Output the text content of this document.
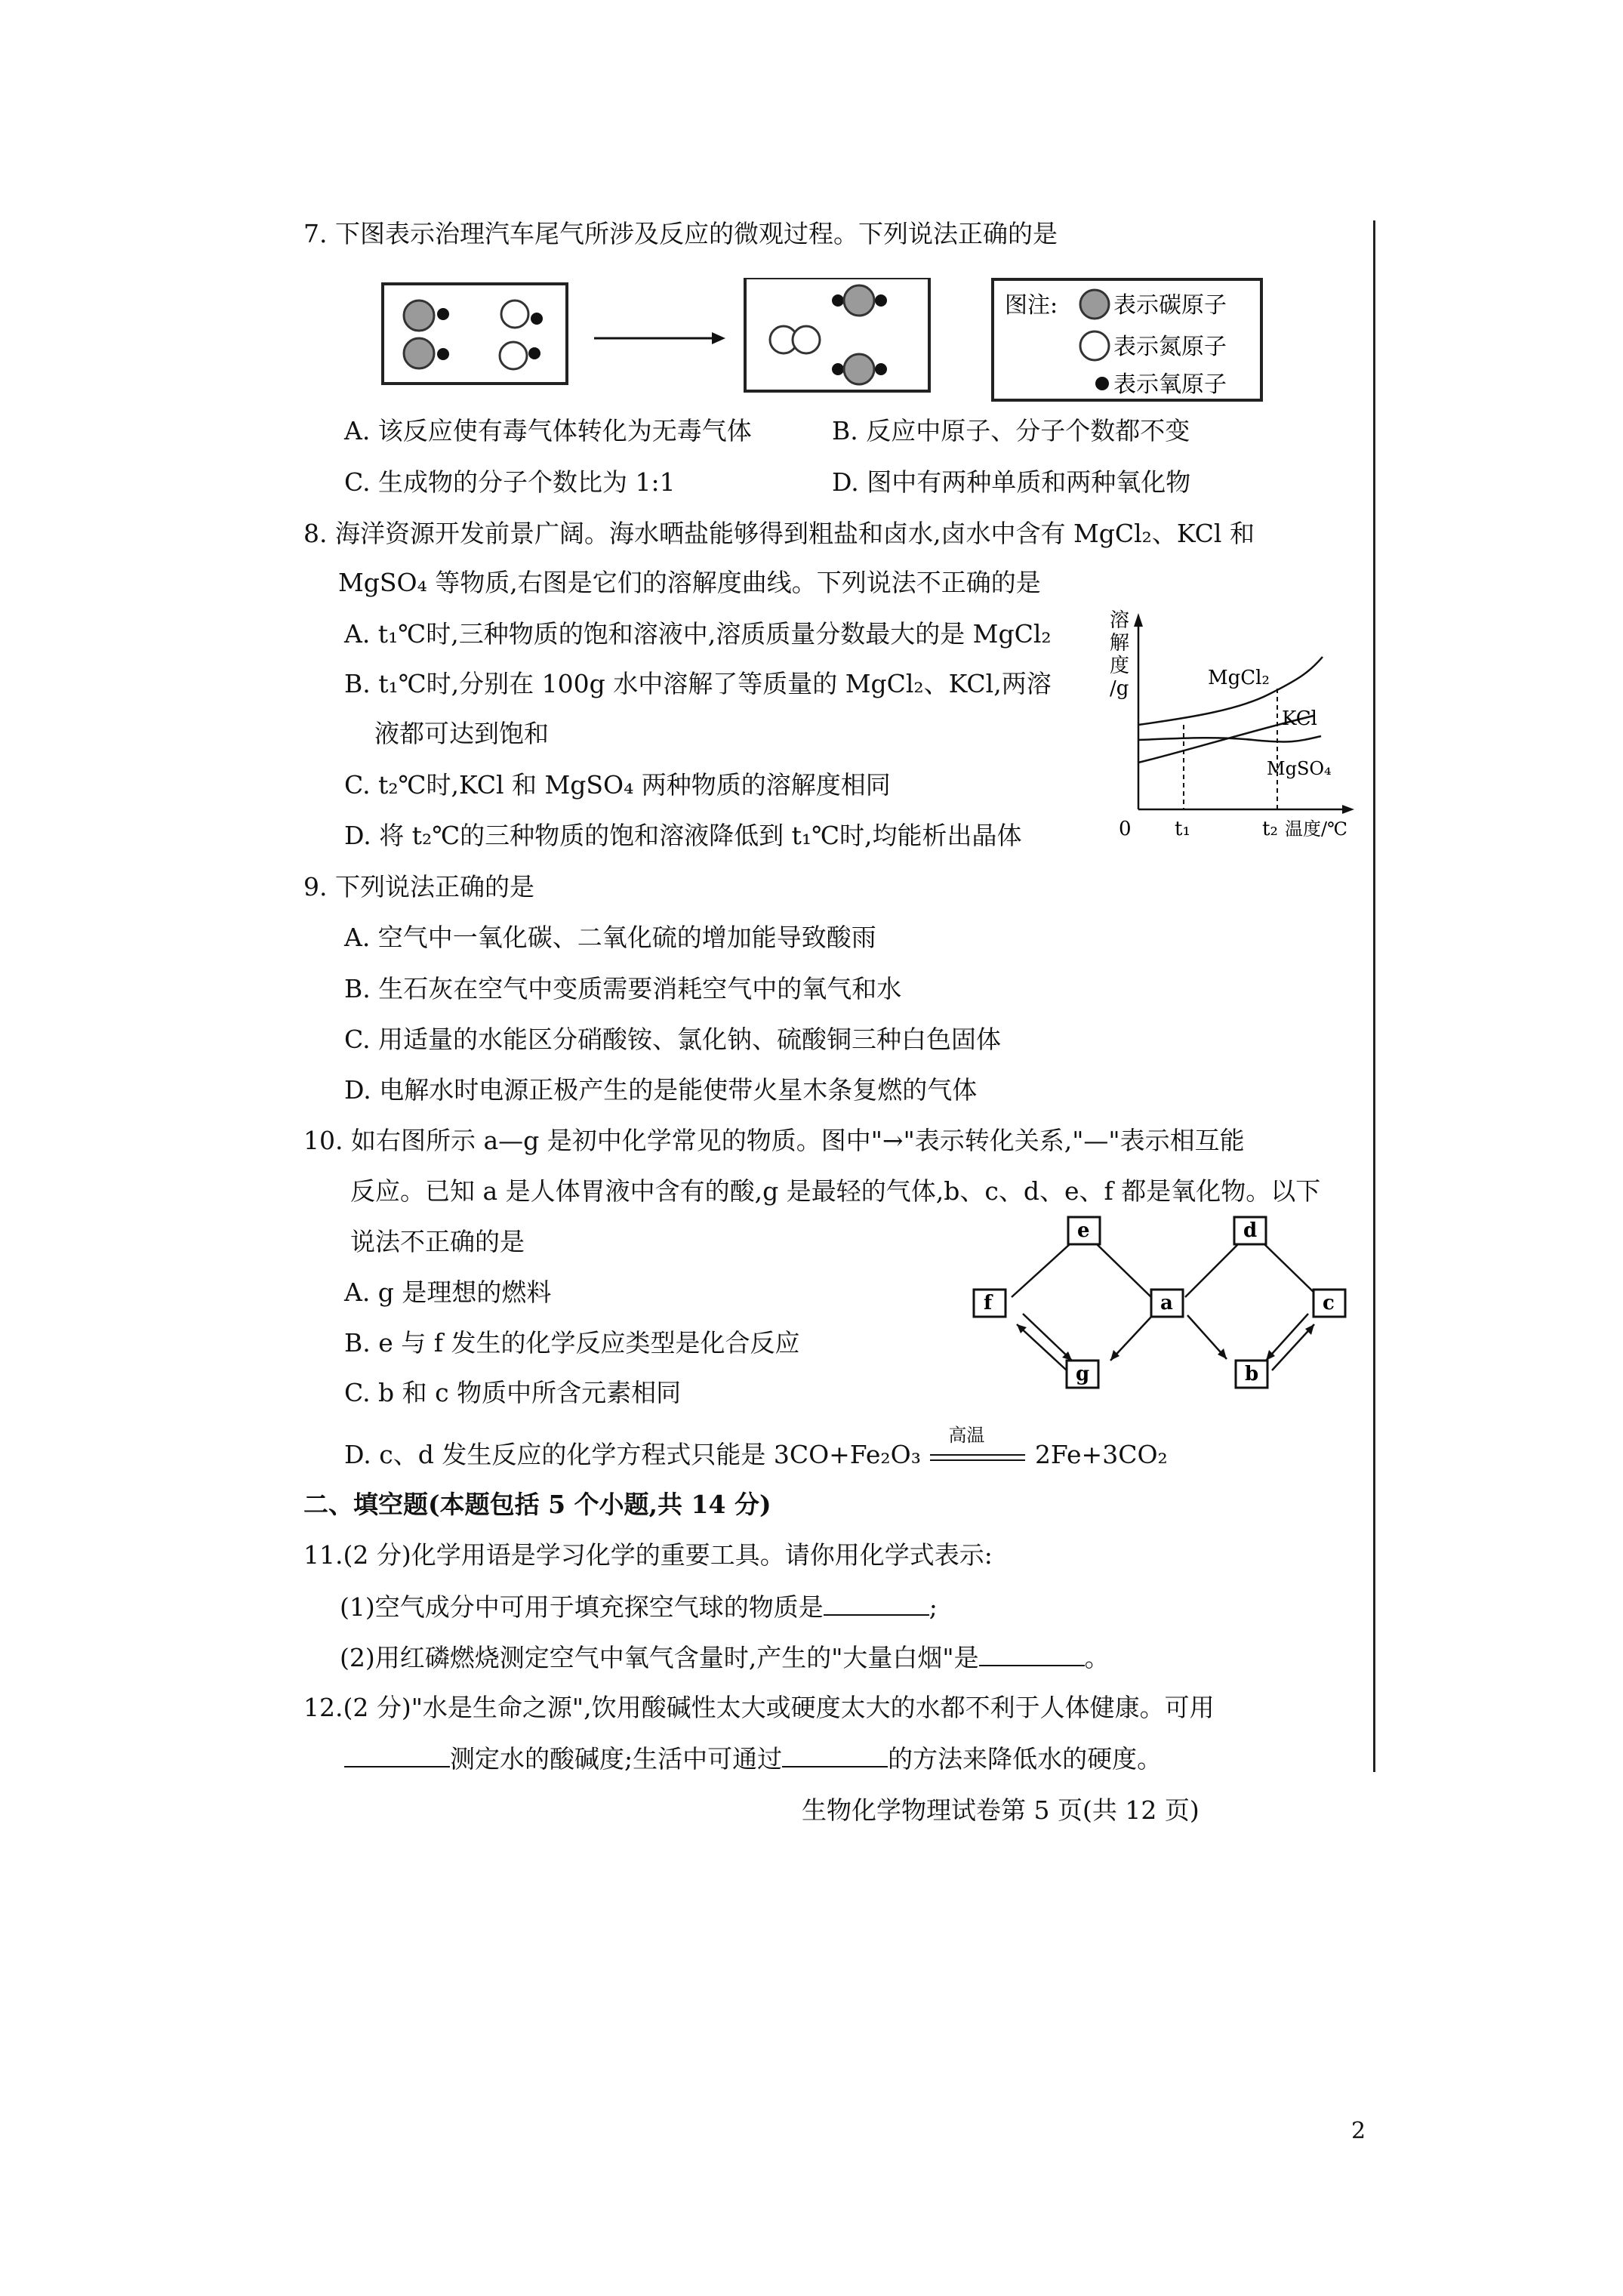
7. 下图表示治理汽车尾气所涉及反应的微观过程。下列说法正确的是
图注: 表示碳原子
表示氮原子
表示氧原子
A. 该反应使有毒气体转化为无毒气体	B. 反应中原子、分子个数都不变
C. 生成物的分子个数比为 1:1	D. 图中有两种单质和两种氧化物
8. 海洋资源开发前景广阔。海水晒盐能够得到粗盐和卤水,卤水中含有 MgCl₂、KCl 和
MgSO₄ 等物质,右图是它们的溶解度曲线。下列说法不正确的是
A. t₁℃时,三种物质的饱和溶液中,溶质质量分数最大的是 MgCl₂
B. t₁℃时,分别在 100g 水中溶解了等质量的 MgCl₂、KCl,两溶
液都可达到饱和
C. t₂℃时,KCl 和 MgSO₄ 两种物质的溶解度相同
D. 将 t₂℃的三种物质的饱和溶液降低到 t₁℃时,均能析出晶体
溶
解
度
/g	MgCl₂
KCl
MgSO₄
0 t₁	t₂ 温度/℃
9. 下列说法正确的是
A. 空气中一氧化碳、二氧化硫的增加能导致酸雨
B. 生石灰在空气中变质需要消耗空气中的氧气和水
C. 用适量的水能区分硝酸铵、氯化钠、硫酸铜三种白色固体
D. 电解水时电源正极产生的是能使带火星木条复燃的气体
10. 如右图所示 a—g 是初中化学常见的物质。图中"→"表示转化关系,"—"表示相互能
反应。已知 a 是人体胃液中含有的酸,g 是最轻的气体,b、c、d、e、f 都是氧化物。以下
说法不正确的是
A. g 是理想的燃料
B. e 与 f 发生的化学反应类型是化合反应
C. b 和 c 物质中所含元素相同
D. c、d 发生反应的化学方程式只能是 3CO+Fe₂O₃
高温
2Fe+3CO₂
e	d
f	a	c
g	b
二、填空题(本题包括 5 个小题,共 14 分)
11.(2 分)化学用语是学习化学的重要工具。请你用化学式表示:
(1)空气成分中可用于填充探空气球的物质是	;
(2)用红磷燃烧测定空气中氧气含量时,产生的"大量白烟"是	。
12.(2 分)"水是生命之源",饮用酸碱性太大或硬度太大的水都不利于人体健康。可用
测定水的酸碱度;生活中可通过	的方法来降低水的硬度。
生物化学物理试卷第 5 页(共 12 页)
2
